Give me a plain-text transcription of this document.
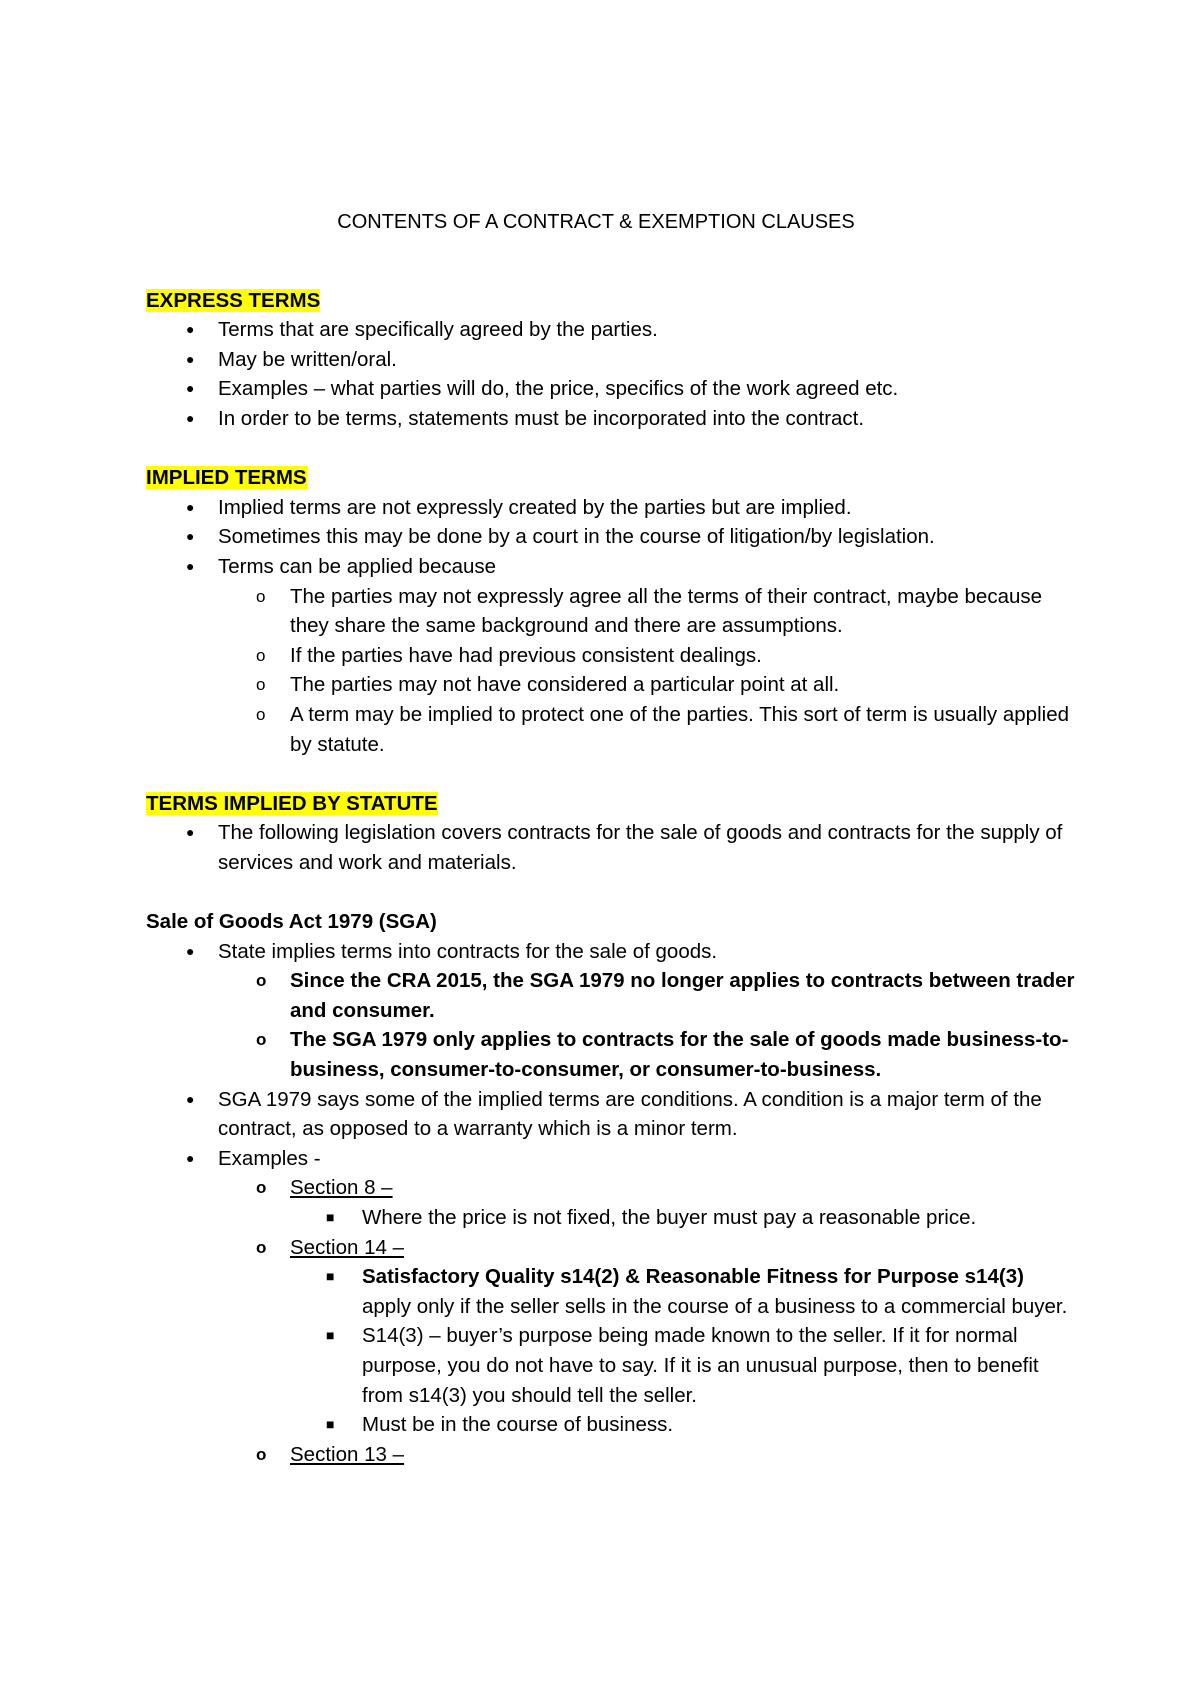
CONTENTS OF A CONTRACT & EXEMPTION CLAUSES

EXPRESS TERMS

●	Terms that are specifically agreed by the parties.
●	May be written/oral.
●	Examples – what parties will do, the price, specifics of the work agreed etc.
●	In order to be terms, statements must be incorporated into the contract.

IMPLIED TERMS

●	Implied terms are not expressly created by the parties but are implied.
●	Sometimes this may be done by a court in the course of litigation/by legislation.
●	Terms can be applied because
o The parties may not expressly agree all the terms of their contract, maybe because they share the same background and there are assumptions.
o If the parties have had previous consistent dealings.
o The parties may not have considered a particular point at all.
o A term may be implied to protect one of the parties. This sort of term is usually applied by statute.

TERMS IMPLIED BY STATUTE

●	The following legislation covers contracts for the sale of goods and contracts for the supply of services and work and materials.

Sale of Goods Act 1979 (SGA)

●	State implies terms into contracts for the sale of goods.
o Since the CRA 2015, the SGA 1979 no longer applies to contracts between trader and consumer.
o The SGA 1979 only applies to contracts for the sale of goods made business-to-business, consumer-to-consumer, or consumer-to-business.
●	SGA 1979 says some of the implied terms are conditions. A condition is a major term of the contract, as opposed to a warranty which is a minor term.
●	Examples -
o Section 8 –
■ Where the price is not fixed, the buyer must pay a reasonable price.
o Section 14 –
■ Satisfactory Quality s14(2) & Reasonable Fitness for Purpose s14(3) apply only if the seller sells in the course of a business to a commercial buyer.
■ S14(3) – buyer’s purpose being made known to the seller. If it for normal purpose, you do not have to say. If it is an unusual purpose, then to benefit from s14(3) you should tell the seller.
■ Must be in the course of business.
o Section 13 –
